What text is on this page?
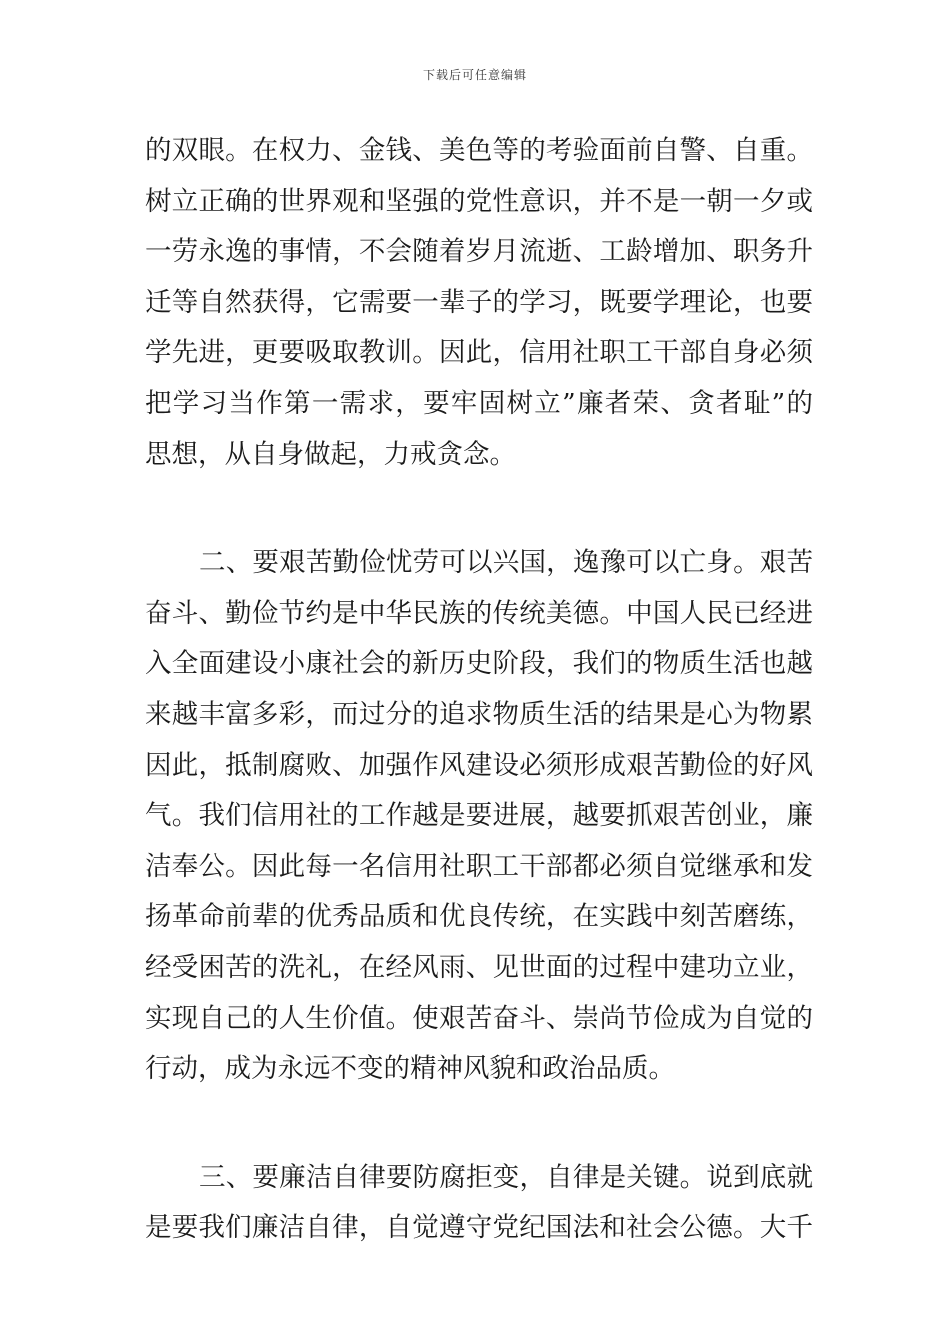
下载后可任意编辑
的双眼。在权力、金钱、美色等的考验面前自警、自重。
树立正确的世界观和坚强的党性意识，并不是一朝一夕或
一劳永逸的事情，不会随着岁月流逝、工龄增加、职务升
迁等自然获得，它需要一辈子的学习，既要学理论，也要
学先进，更要吸取教训。因此，信用社职工干部自身必须
把学习当作第一需求，要牢固树立”廉者荣、贪者耻”的
思想，从自身做起，力戒贪念。
二、要艰苦勤俭忧劳可以兴国，逸豫可以亡身。艰苦
奋斗、勤俭节约是中华民族的传统美德。中国人民已经进
入全面建设小康社会的新历史阶段，我们的物质生活也越
来越丰富多彩，而过分的追求物质生活的结果是心为物累
因此，抵制腐败、加强作风建设必须形成艰苦勤俭的好风
气。我们信用社的工作越是要进展，越要抓艰苦创业，廉
洁奉公。因此每一名信用社职工干部都必须自觉继承和发
扬革命前辈的优秀品质和优良传统，在实践中刻苦磨练，
经受困苦的洗礼，在经风雨、见世面的过程中建功立业，
实现自己的人生价值。使艰苦奋斗、崇尚节俭成为自觉的
行动，成为永远不变的精神风貌和政治品质。
三、要廉洁自律要防腐拒变，自律是关键。说到底就
是要我们廉洁自律，自觉遵守党纪国法和社会公德。大千
